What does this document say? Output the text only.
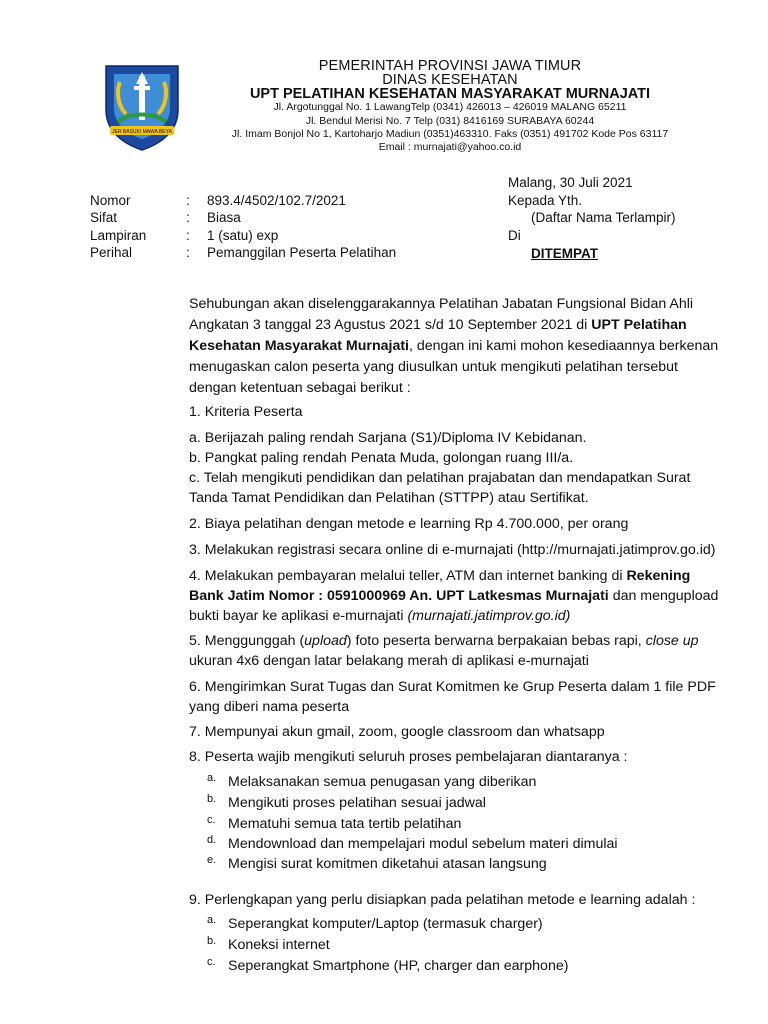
JER BASUKI MAWA BEYA
PEMERINTAH PROVINSI JAWA TIMUR
DINAS KESEHATAN
UPT PELATIHAN KESEHATAN MASYARAKAT MURNAJATI
Jl. Argotunggal No. 1 LawangTelp (0341) 426013 – 426019 MALANG 65211
Jl. Bendul Merisi No. 7 Telp (031) 8416169 SURABAYA 60244
Jl. Imam Bonjol No 1, Kartoharjo Madiun (0351)463310. Faks (0351) 491702 Kode Pos 63117
Email : murnajati@yahoo.co.id
Malang, 30 Juli 2021
Kepada Yth.
(Daftar Nama Terlampir)
Di
DITEMPAT
Nomor	: 893.4/4502/102.7/2021
Sifat	: Biasa
Lampiran	: 1 (satu) exp
Perihal	: Pemanggilan Peserta Pelatihan
Sehubungan akan diselenggarakannya Pelatihan Jabatan Fungsional Bidan Ahli
Angkatan 3 tanggal 23 Agustus 2021 s/d 10 September 2021 di UPT Pelatihan
Kesehatan Masyarakat Murnajati, dengan ini kami mohon kesediaannya berkenan
menugaskan calon peserta yang diusulkan untuk mengikuti pelatihan tersebut
dengan ketentuan sebagai berikut :
1. Kriteria Peserta
a. Berijazah paling rendah Sarjana (S1)/Diploma IV Kebidanan.
b. Pangkat paling rendah Penata Muda, golongan ruang III/a.
c. Telah mengikuti pendidikan dan pelatihan prajabatan dan mendapatkan Surat
Tanda Tamat Pendidikan dan Pelatihan (STTPP) atau Sertifikat.
2. Biaya pelatihan dengan metode e learning Rp 4.700.000, per orang
3. Melakukan registrasi secara online di e-murnajati (http://murnajati.jatimprov.go.id)
4. Melakukan pembayaran melalui teller, ATM dan internet banking di Rekening
Bank Jatim Nomor : 0591000969 An. UPT Latkesmas Murnajati dan mengupload
bukti bayar ke aplikasi e-murnajati (murnajati.jatimprov.go.id)
5. Menggunggah (upload) foto peserta berwarna berpakaian bebas rapi, close up
ukuran 4x6 dengan latar belakang merah di aplikasi e-murnajati
6. Mengirimkan Surat Tugas dan Surat Komitmen ke Grup Peserta dalam 1 file PDF
yang diberi nama peserta
7. Mempunyai akun gmail, zoom, google classroom dan whatsapp
8. Peserta wajib mengikuti seluruh proses pembelajaran diantaranya :
a. Melaksanakan semua penugasan yang diberikan
b. Mengikuti proses pelatihan sesuai jadwal
c. Mematuhi semua tata tertib pelatihan
d. Mendownload dan mempelajari modul sebelum materi dimulai
e. Mengisi surat komitmen diketahui atasan langsung
9. Perlengkapan yang perlu disiapkan pada pelatihan metode e learning adalah :
a. Seperangkat komputer/Laptop (termasuk charger)
b. Koneksi internet
c. Seperangkat Smartphone (HP, charger dan earphone)
